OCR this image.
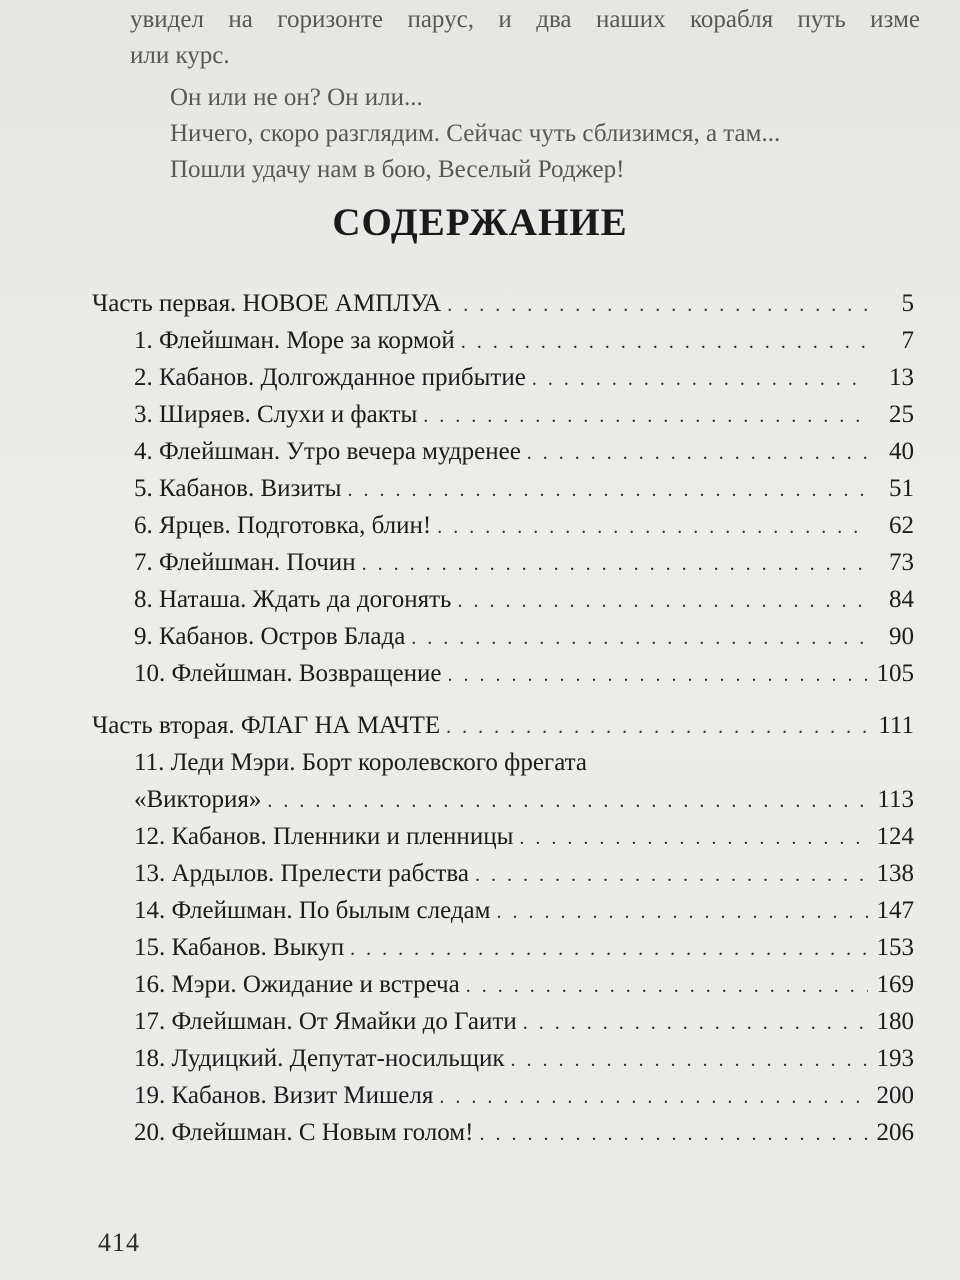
увидел на горизонте парус, и два наших корабля путь изме
или курс.
Он или не он? Он или...
Ничего, скоро разглядим. Сейчас чуть сблизимся, а там...
Пошли удачу нам в бою, Веселый Роджер!
СОДЕРЖАНИЕ
Часть первая. НОВОЕ АМПЛУА . . .	5
1. Флейшман. Море за кормой . . .	7
2. Кабанов. Долгожданное прибытие . . .	13
3. Ширяев. Слухи и факты . . .	25
4. Флейшман. Утро вечера мудренее . . .	40
5. Кабанов. Визиты . . .	51
6. Ярцев. Подготовка, блин! . . .	62
7. Флейшман. Почин . . .	73
8. Наташа. Ждать да догонять . . .	84
9. Кабанов. Остров Блада . . .	90
10. Флейшман. Возвращение . . .	105
Часть вторая. ФЛАГ НА МАЧТЕ . . .	111
11. Леди Мэри. Борт королевского фрегата
«Виктория» . . .	113
12. Кабанов. Пленники и пленницы . . .	124
13. Ардылов. Прелести рабства . . .	138
14. Флейшман. По былым следам . . .	147
15. Кабанов. Выкуп . . .	153
16. Мэри. Ожидание и встреча . . .	169
17. Флейшман. От Ямайки до Гаити . . .	180
18. Лудицкий. Депутат-носильщик . . .	193
19. Кабанов. Визит Мишеля . . .	200
20. Флейшман. С Новым голом! . . .	206
414
